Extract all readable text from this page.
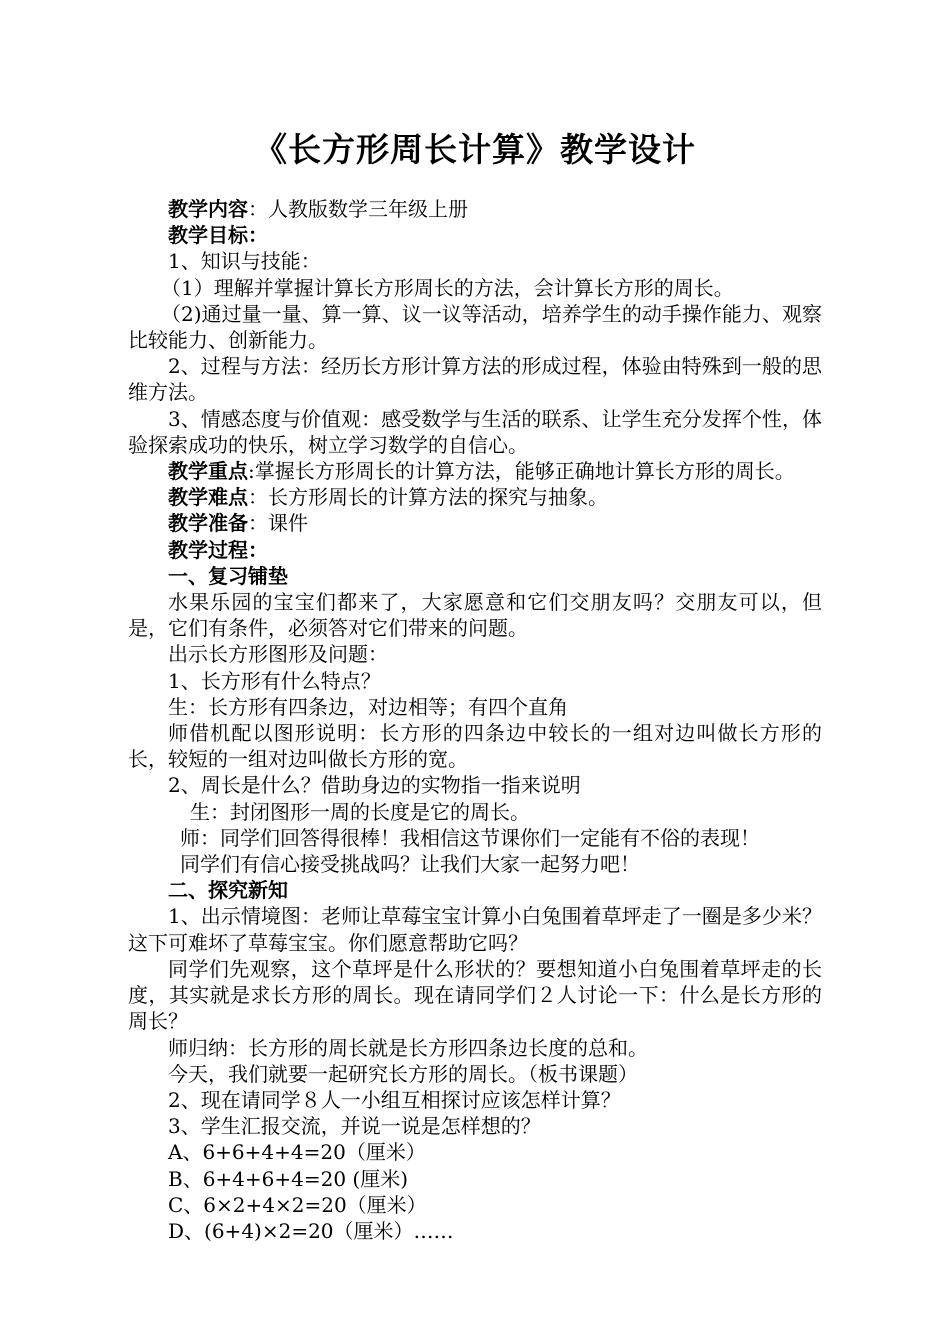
《长方形周长计算》教学设计

教学内容：人教版数学三年级上册

教学目标：

1、知识与技能：

（1）理解并掌握计算长方形周长的方法，会计算长方形的周长。

（2)通过量一量、算一算、议一议等活动，培养学生的动手操作能力、观察比较能力、创新能力。

2、过程与方法：经历长方形计算方法的形成过程，体验由特殊到一般的思维方法。

3、情感态度与价值观：感受数学与生活的联系、让学生充分发挥个性，体验探索成功的快乐，树立学习数学的自信心。

教学重点:掌握长方形周长的计算方法，能够正确地计算长方形的周长。

教学难点：长方形周长的计算方法的探究与抽象。

教学准备：课件

教学过程：

一、复习铺垫

水果乐园的宝宝们都来了，大家愿意和它们交朋友吗？交朋友可以，但是，它们有条件，必须答对它们带来的问题。

出示长方形图形及问题：

1、长方形有什么特点？

生：长方形有四条边，对边相等；有四个直角

师借机配以图形说明：长方形的四条边中较长的一组对边叫做长方形的长，较短的一组对边叫做长方形的宽。

2、周长是什么？借助身边的实物指一指来说明

生：封闭图形一周的长度是它的周长。

师：同学们回答得很棒！我相信这节课你们一定能有不俗的表现！

同学们有信心接受挑战吗？让我们大家一起努力吧！

二、探究新知

1、出示情境图：老师让草莓宝宝计算小白兔围着草坪走了一圈是多少米？这下可难坏了草莓宝宝。你们愿意帮助它吗？

同学们先观察，这个草坪是什么形状的？要想知道小白兔围着草坪走的长度，其实就是求长方形的周长。现在请同学们２人讨论一下：什么是长方形的周长？

师归纳：长方形的周长就是长方形四条边长度的总和。

今天，我们就要一起研究长方形的周长。（板书课题）

2、现在请同学８人一小组互相探讨应该怎样计算？

3、学生汇报交流，并说一说是怎样想的？

A、6+6+4+4=20（厘米）

B、6+4+6+4=20 (厘米)

C、6×2+4×2=20（厘米）

D、(6+4)×2=20（厘米）……
